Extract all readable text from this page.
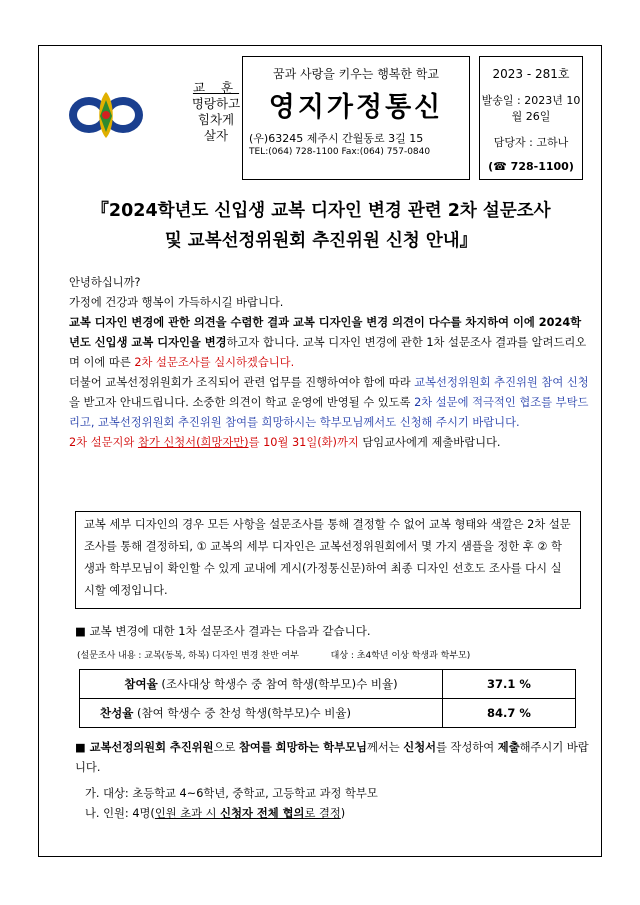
교 훈
명랑하고
힘차게
살자
꿈과 사랑을 키우는 행복한 학교
영지가정통신
(우)63245 제주시 간월동로 3길 15
TEL:(064) 728-1100 Fax:(064) 757-0840
2023 - 281호
발송일 : 2023년 10월 26일
담당자 : 고하나
(☎ 728-1100)
『2024학년도 신입생 교복 디자인 변경 관련 2차 설문조사
및 교복선정위원회 추진위원 신청 안내』

안녕하십니까?

가정에 건강과 행복이 가득하시길 바랍니다.

교복 디자인 변경에 관한 의견을 수렴한 결과 교복 디자인을 변경 의견이 다수를 차지하여 이에 2024학년도 신입생 교복 디자인을 변경하고자 합니다. 교복 디자인 변경에 관한 1차 설문조사 결과를 알려드리오며 이에 따른 2차 설문조사를 실시하겠습니다.

더불어 교복선정위원회가 조직되어 관련 업무를 진행하여야 함에 따라 교복선정위원회 추진위원 참여 신청을 받고자 안내드립니다. 소중한 의견이 학교 운영에 반영될 수 있도록 2차 설문에 적극적인 협조를 부탁드리고, 교복선정위원회 추진위원 참여를 희망하시는 학부모님께서도 신청해 주시기 바랍니다.

2차 설문지와 참가 신청서(희망자만)를 10월 31일(화)까지 담임교사에게 제출바랍니다.

교복 세부 디자인의 경우 모든 사항을 설문조사를 통해 결정할 수 없어 교복 형태와 색깔은 2차 설문조사를 통해 결정하되, ① 교복의 세부 디자인은 교복선정위원회에서 몇 가지 샘플을 정한 후 ② 학생과 학부모님이 확인할 수 있게 교내에 게시(가정통신문)하여 최종 디자인 선호도 조사를 다시 실시할 예정입니다.
■ 교복 변경에 대한 1차 설문조사 결과는 다음과 같습니다.
(설문조사 내용 : 교복(동복, 하복) 디자인 변경 찬반 여부	대상 : 초4학년 이상 학생과 학부모)
참여율 (조사대상 학생수 중 참여 학생(학부모)수 비율)	37.1 %
찬성율 (참여 학생수 중 찬성 학생(학부모)수 비율)	84.7 %
■ 교복선정의원회 추진위원으로 참여를 희망하는 학부모님께서는 신청서를 작성하여 제출해주시기 바랍니다.
가. 대상: 초등학교 4~6학년, 중학교, 고등학교 과정 학부모
나. 인원: 4명(인원 초과 시 신청자 전체 협의로 결정)
